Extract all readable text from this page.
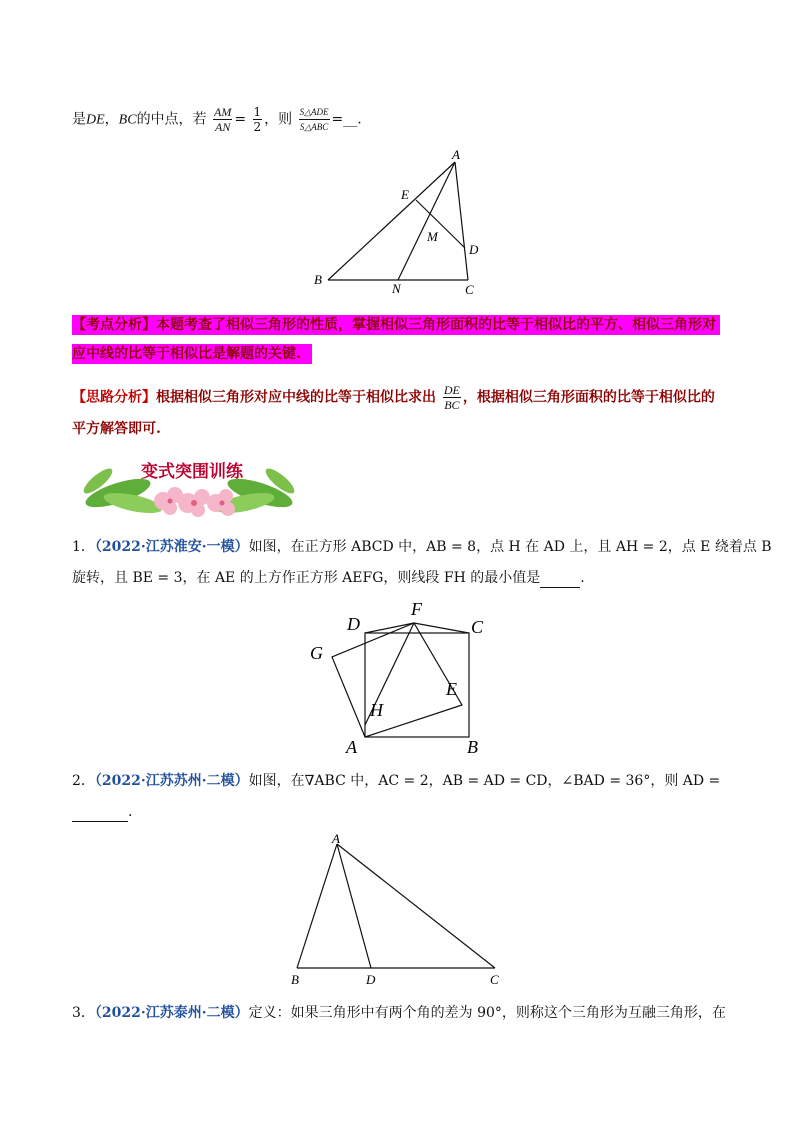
是DE，BC的中点，若 $\frac{AM}{AN} = \frac{1}{2}$ ，则 $\frac{\text{S△ADE}}{\text{S△ABC}}$ =__.
A
E
M
D
B
N	C
【考点分析】本题考查了相似三角形的性质，掌握相似三角形面积的比等于相似比的平方、相似三角形对
应中线的比等于相似比是解题的关键.
【思路分析】根据相似三角形对应中线的比等于相似比求出 $\frac{DE}{BC}$ ，根据相似三角形面积的比等于相似比的
平方解答即可.
变式突围训练
1．（2022·江苏淮安·一模）如图，在正方形 ABCD 中，AB = 8，点 H 在 AD 上，且 AH = 2，点 E 绕着点 B
旋转，且 BE = 3，在 AE 的上方作正方形 AEFG，则线段 FH 的最小值是	.
D
F
C
G
E
H
A	B
2．（2022·江苏苏州·二模）如图，在∇ABC 中，AC = 2，AB = AD = CD，∠BAD = 36°，则 AD =
.
A
B	D	C
3．（2022·江苏泰州·二模）定义：如果三角形中有两个角的差为 90°，则称这个三角形为互融三角形，在
